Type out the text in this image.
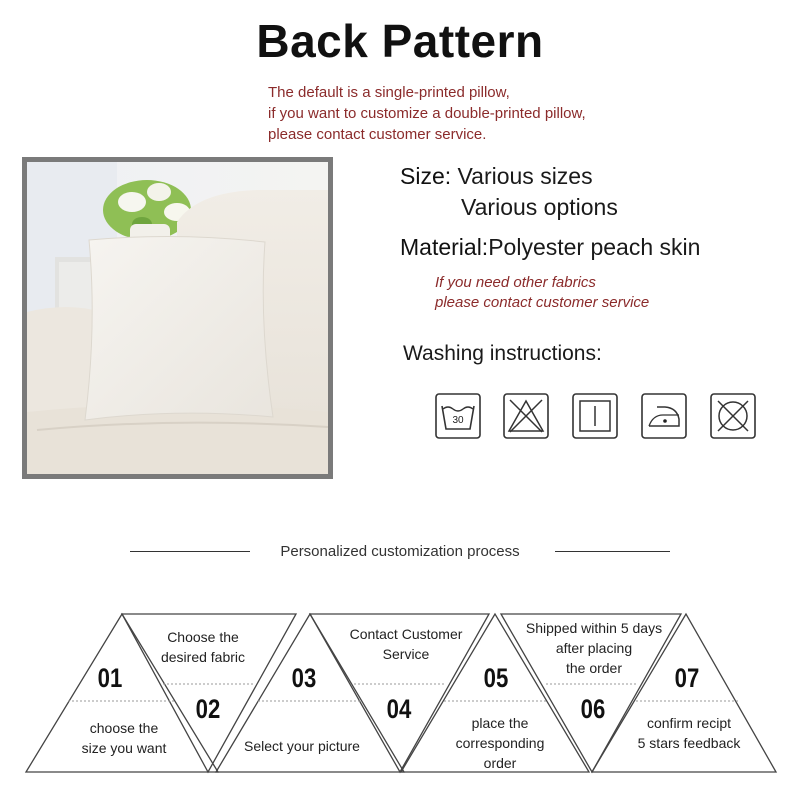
Back Pattern
The default is a single-printed pillow,
if you want to customize a double-printed pillow,
please contact customer service.
Size: Various sizes
Various options
Material:Polyester peach skin
If you need other fabrics
please contact customer service
Washing instructions:
30
Personalized customization process
01
02
03
04
05
06
07
choose the
size you want
Choose the
desired fabric
Select your picture
Contact Customer
Service
place the
corresponding
order
Shipped within 5 days
after placing
the order
confirm recipt
5 stars feedback
